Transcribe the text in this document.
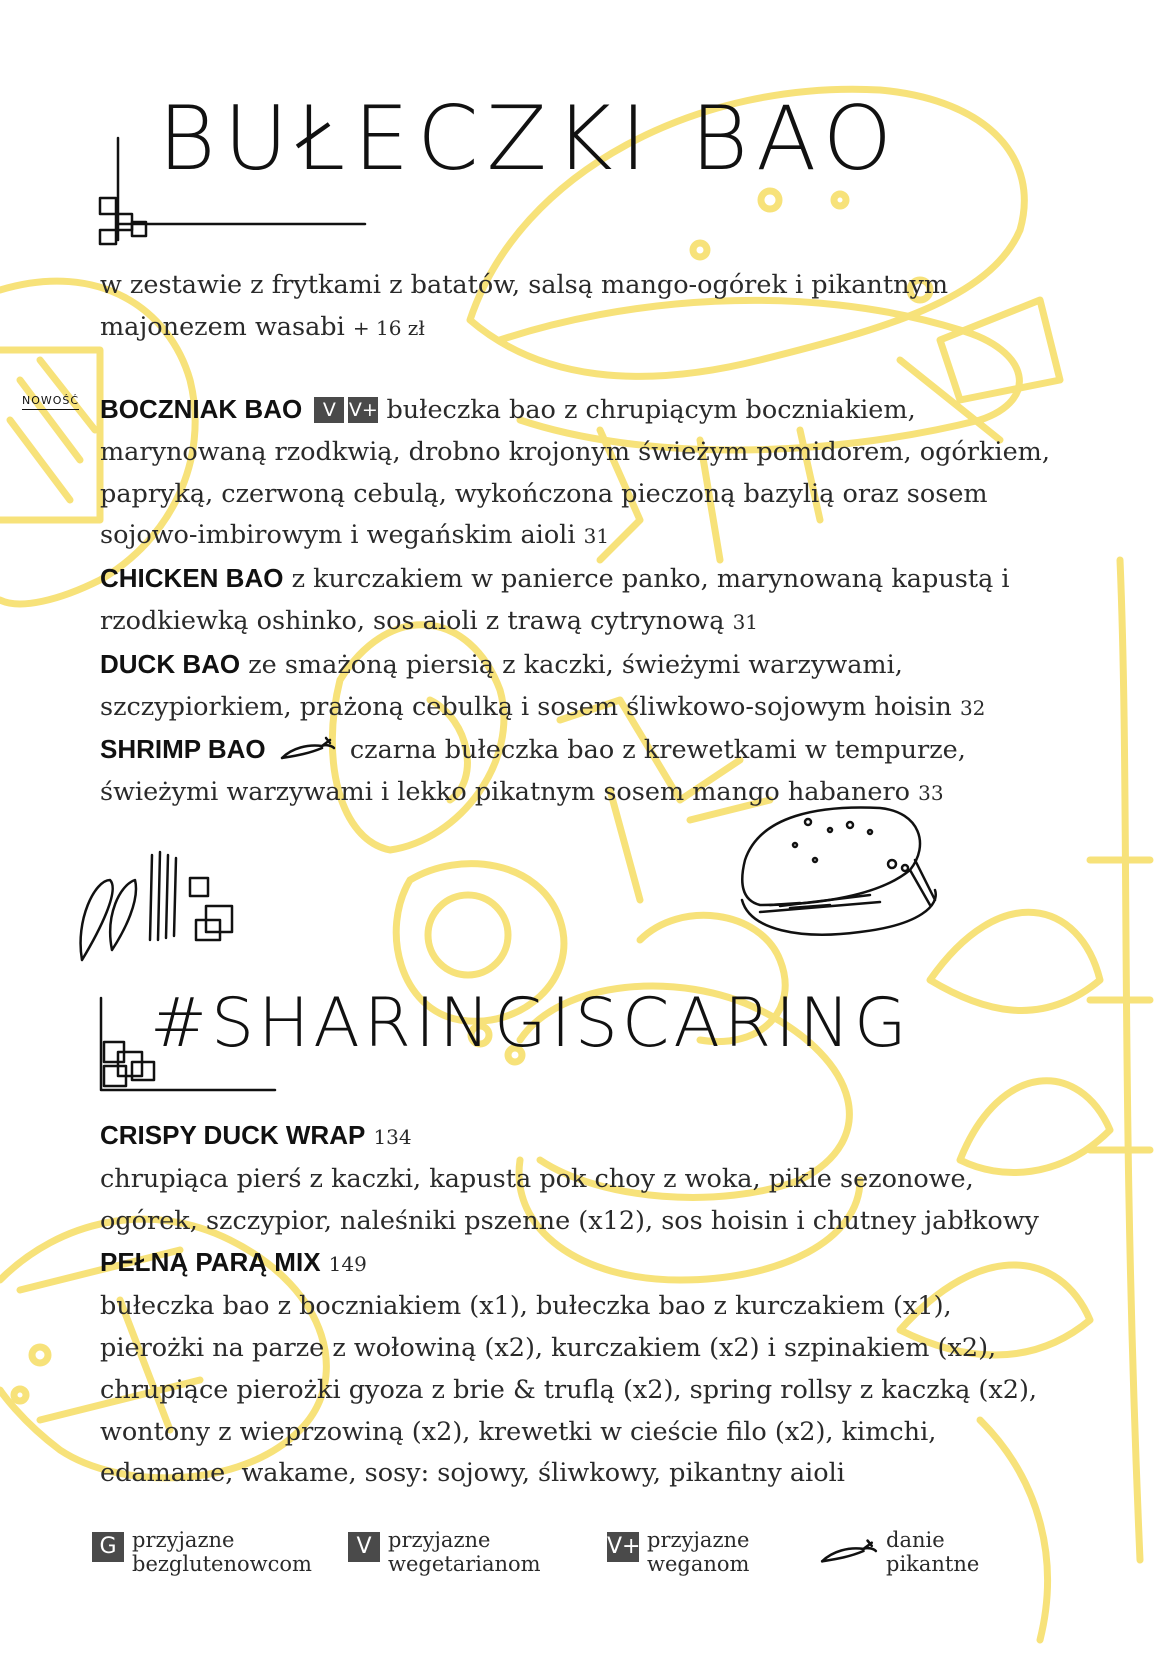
BUŁECZKI BAO
w zestawie z frytkami z batatów, salsą mango-ogórek i pikantnym majonezem wasabi + 16 zł

NOWOŚĆ BOCZNIAK BAO V V+ bułeczka bao z chrupiącym boczniakiem, marynowaną rzodkwią, drobno krojonym świeżym pomidorem, ogórkiem, papryką, czerwoną cebulą, wykończona pieczoną bazylią oraz sosem sojowo-imbirowym i wegańskim aioli 31

CHICKEN BAO z kurczakiem w panierce panko, marynowaną kapustą i rzodkiewką oshinko, sos aioli z trawą cytrynową 31

DUCK BAO ze smażoną piersią z kaczki, świeżymi warzywami, szczypiorkiem, prażoną cebulką i sosem śliwkowo-sojowym hoisin 32

SHRIMP BAO	czarna bułeczka bao z krewetkami w tempurze, świeżymi warzywami i lekko pikatnym sosem mango habanero 33

#SHARINGISCARING

CRISPY DUCK WRAP 134

chrupiąca pierś z kaczki, kapusta pok choy z woka, pikle sezonowe, ogórek, szczypior, naleśniki pszenne (x12), sos hoisin i chutney jabłkowy

PEŁNĄ PARĄ MIX 149

bułeczka bao z boczniakiem (x1), bułeczka bao z kurczakiem (x1), pierożki na parze z wołowiną (x2), kurczakiem (x2) i szpinakiem (x2), chrupiące pierożki gyoza z brie & truflą (x2), spring rollsy z kaczką (x2), wontony z wieprzowiną (x2), krewetki w cieście filo (x2), kimchi, edamame, wakame, sosy: sojowy, śliwkowy, pikantny aioli

G przyjazne
bezglutenowcom
V przyjazne
wegetarianom
V+ przyjazne
weganom
danie
pikantne
